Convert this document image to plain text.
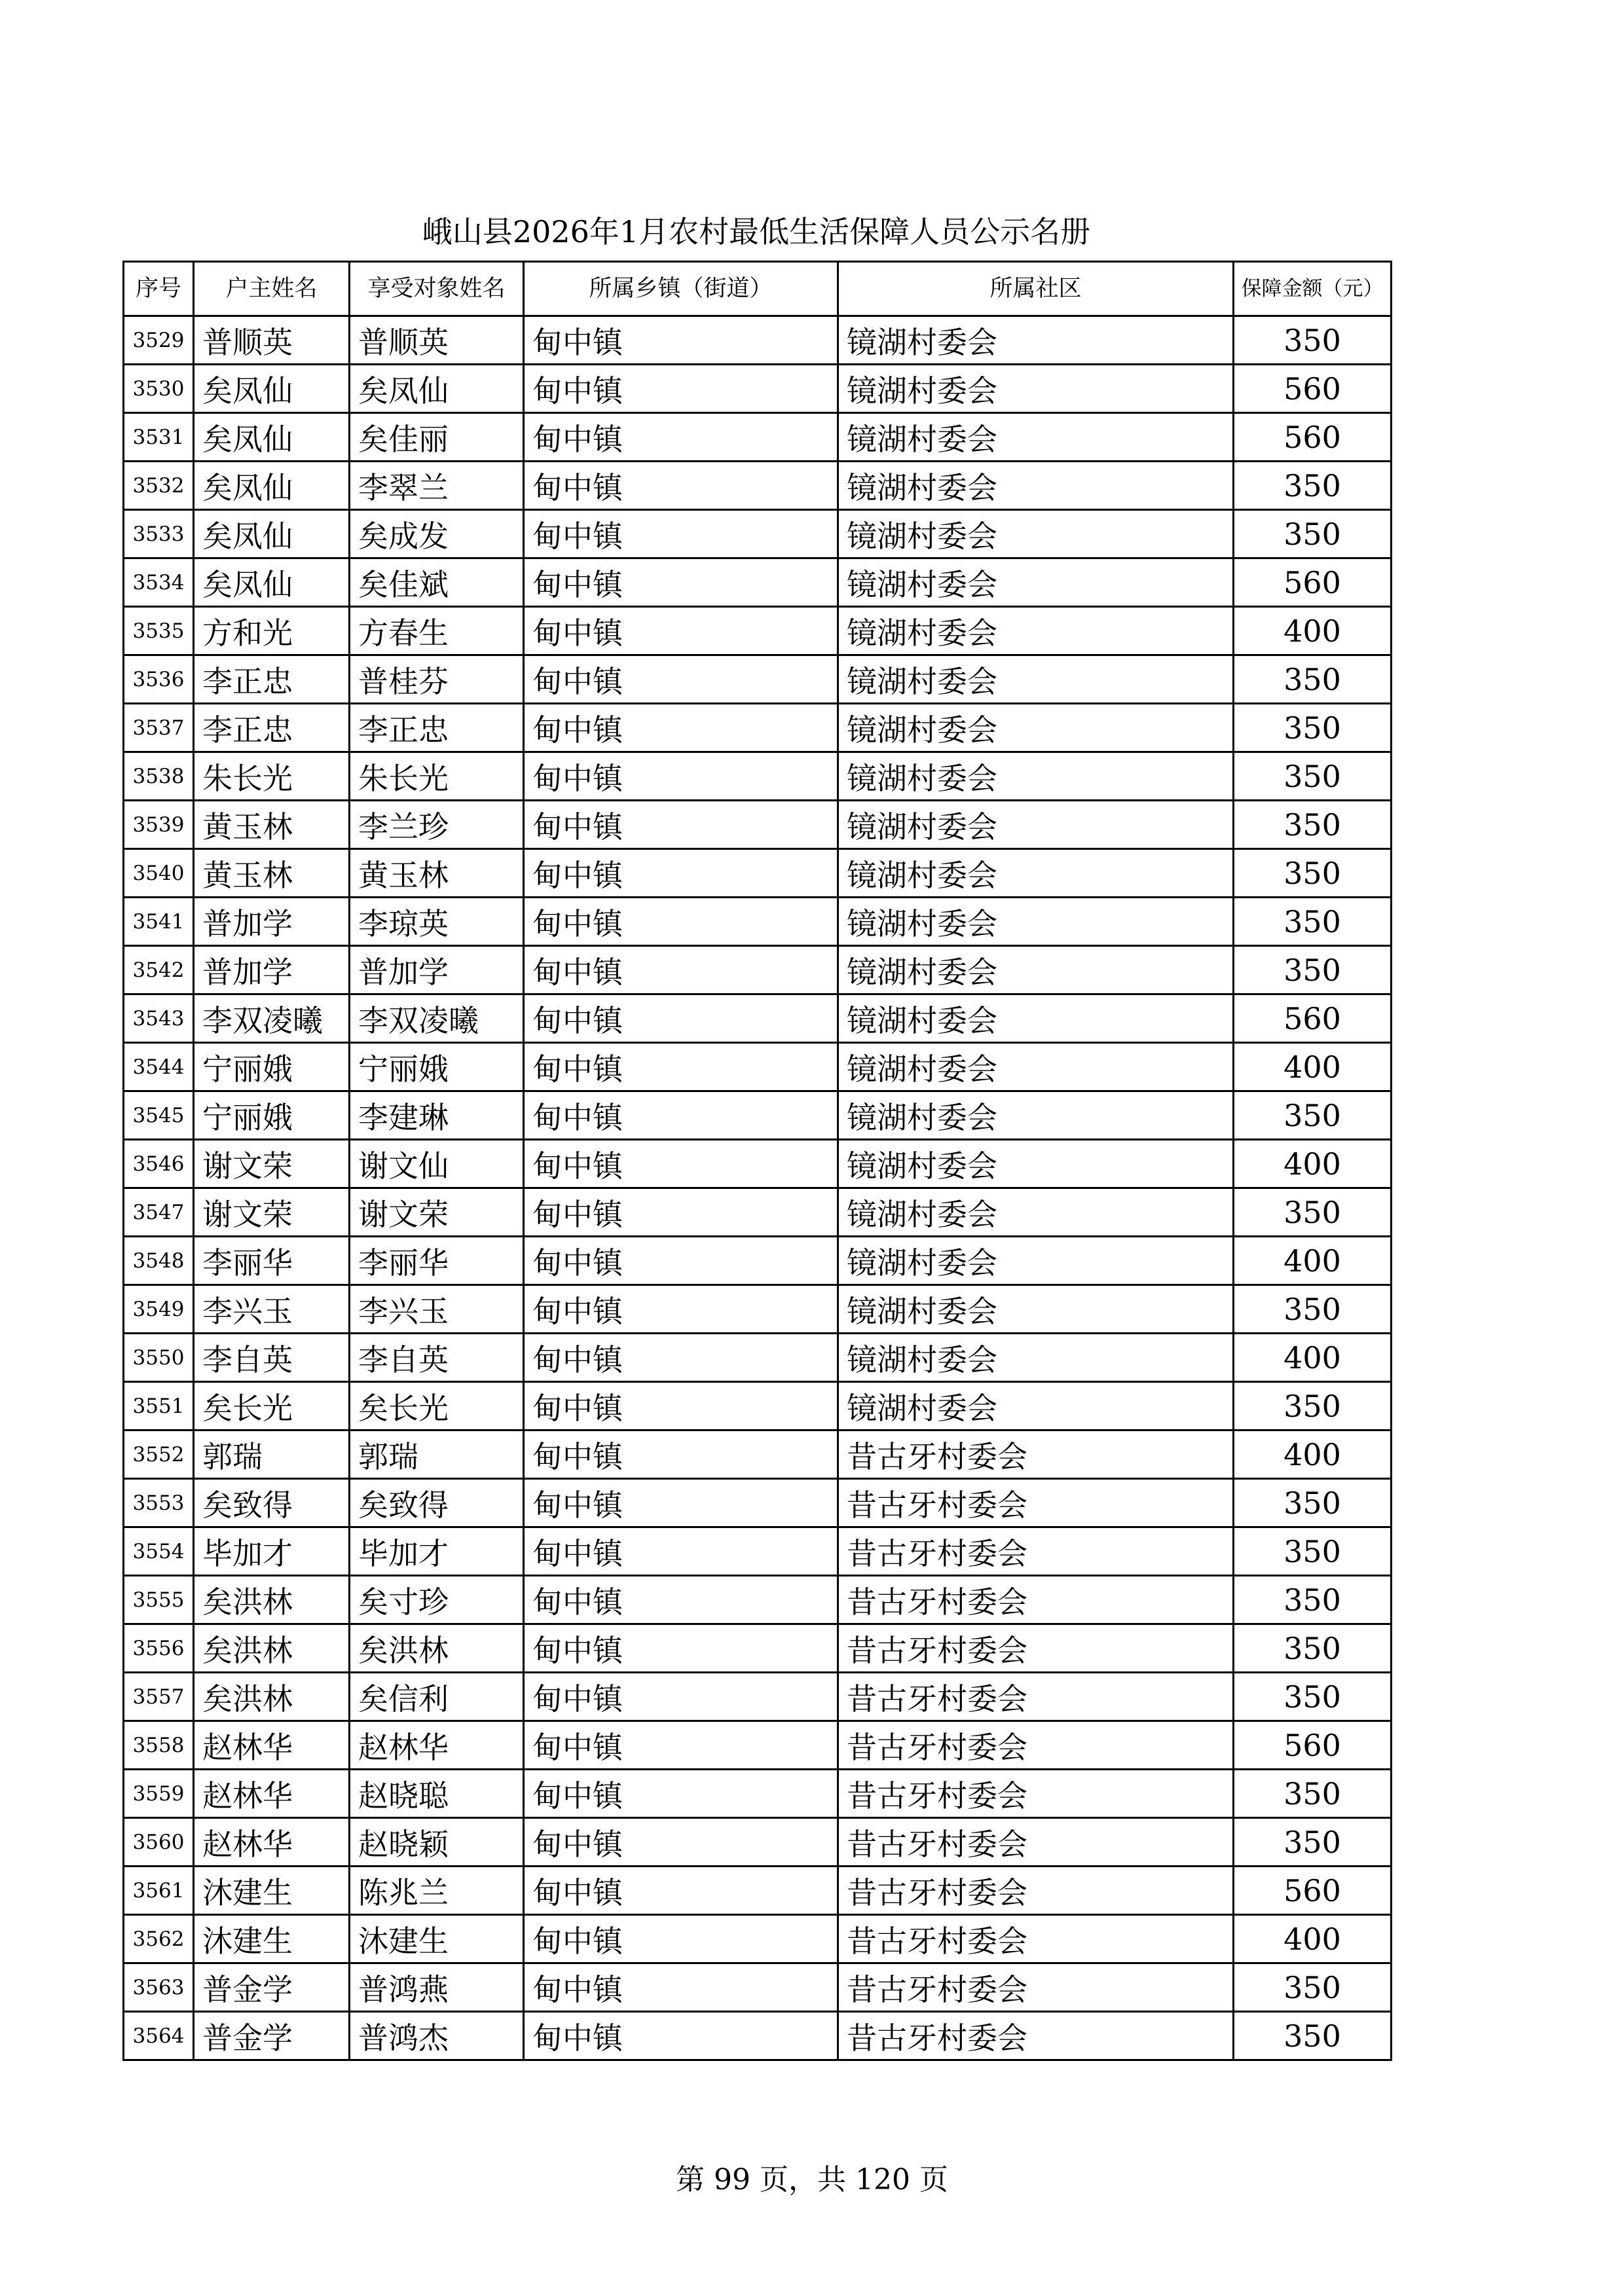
峨山县2026年1月农村最低生活保障人员公示名册
序号	户主姓名	享受对象姓名	所属乡镇（街道）	所属社区	保障金额（元）
3529	普顺英	普顺英	甸中镇	镜湖村委会	350
3530	矣凤仙	矣凤仙	甸中镇	镜湖村委会	560
3531	矣凤仙	矣佳丽	甸中镇	镜湖村委会	560
3532	矣凤仙	李翠兰	甸中镇	镜湖村委会	350
3533	矣凤仙	矣成发	甸中镇	镜湖村委会	350
3534	矣凤仙	矣佳斌	甸中镇	镜湖村委会	560
3535	方和光	方春生	甸中镇	镜湖村委会	400
3536	李正忠	普桂芬	甸中镇	镜湖村委会	350
3537	李正忠	李正忠	甸中镇	镜湖村委会	350
3538	朱长光	朱长光	甸中镇	镜湖村委会	350
3539	黄玉林	李兰珍	甸中镇	镜湖村委会	350
3540	黄玉林	黄玉林	甸中镇	镜湖村委会	350
3541	普加学	李琼英	甸中镇	镜湖村委会	350
3542	普加学	普加学	甸中镇	镜湖村委会	350
3543	李双凌曦	李双凌曦	甸中镇	镜湖村委会	560
3544	宁丽娥	宁丽娥	甸中镇	镜湖村委会	400
3545	宁丽娥	李建琳	甸中镇	镜湖村委会	350
3546	谢文荣	谢文仙	甸中镇	镜湖村委会	400
3547	谢文荣	谢文荣	甸中镇	镜湖村委会	350
3548	李丽华	李丽华	甸中镇	镜湖村委会	400
3549	李兴玉	李兴玉	甸中镇	镜湖村委会	350
3550	李自英	李自英	甸中镇	镜湖村委会	400
3551	矣长光	矣长光	甸中镇	镜湖村委会	350
3552	郭瑞	郭瑞	甸中镇	昔古牙村委会	400
3553	矣致得	矣致得	甸中镇	昔古牙村委会	350
3554	毕加才	毕加才	甸中镇	昔古牙村委会	350
3555	矣洪林	矣寸珍	甸中镇	昔古牙村委会	350
3556	矣洪林	矣洪林	甸中镇	昔古牙村委会	350
3557	矣洪林	矣信利	甸中镇	昔古牙村委会	350
3558	赵林华	赵林华	甸中镇	昔古牙村委会	560
3559	赵林华	赵晓聪	甸中镇	昔古牙村委会	350
3560	赵林华	赵晓颖	甸中镇	昔古牙村委会	350
3561	沐建生	陈兆兰	甸中镇	昔古牙村委会	560
3562	沐建生	沐建生	甸中镇	昔古牙村委会	400
3563	普金学	普鸿燕	甸中镇	昔古牙村委会	350
3564	普金学	普鸿杰	甸中镇	昔古牙村委会	350
第 99 页，共 120 页
